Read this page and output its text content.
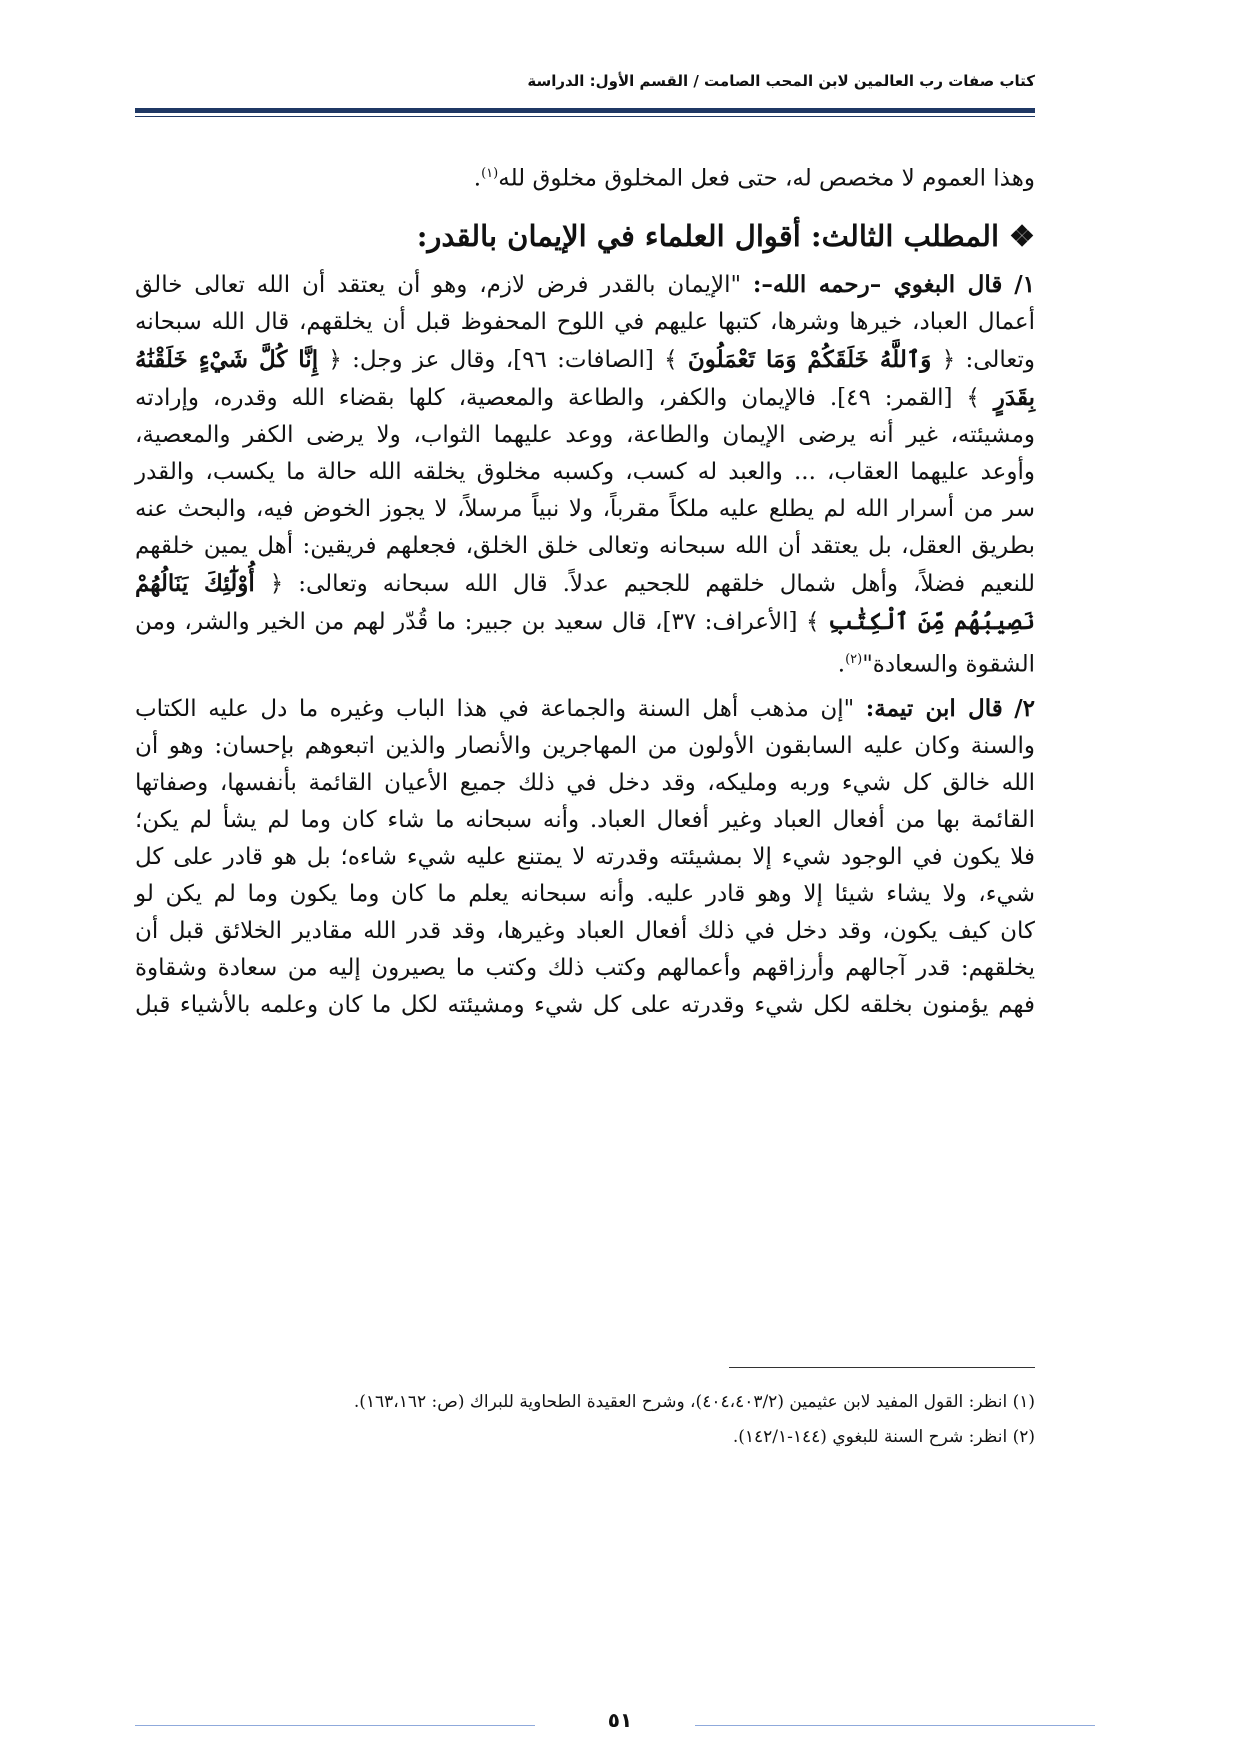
كتاب صفات رب العالمين لابن المحب الصامت / القسم الأول: الدراسة

وهذا العموم لا مخصص له، حتى فعل المخلوق مخلوق لله$^{(١)}$.

❖المطلب الثالث: أقوال العلماء في الإيمان بالقدر:

١/ قال البغوي –رحمه الله–: "الإيمان بالقدر فرض لازم، وهو أن يعتقد أن الله تعالى خالق

أعمال العباد، خيرها وشرها، كتبها عليهم في اللوح المحفوظ قبل أن يخلقهم، قال الله سبحانه

وتعالى: ﴿ وَٱللَّهُ خَلَقَكُمْ وَمَا تَعْمَلُونَ ﴾ [الصافات: ٩٦]، وقال عز وجل: ﴿ إِنَّا كُلَّ شَيْءٍ خَلَقْنَٰهُ

بِقَدَرٍ ﴾ [القمر: ٤٩]. فالإيمان والكفر، والطاعة والمعصية، كلها بقضاء الله وقدره، وإرادته

ومشيئته، غير أنه يرضى الإيمان والطاعة، ووعد عليهما الثواب، ولا يرضى الكفر والمعصية،

وأوعد عليهما العقاب، ... والعبد له كسب، وكسبه مخلوق يخلقه الله حالة ما يكسب، والقدر

سر من أسرار الله لم يطلع عليه ملكاً مقرباً، ولا نبياً مرسلاً، لا يجوز الخوض فيه، والبحث عنه

بطريق العقل، بل يعتقد أن الله سبحانه وتعالى خلق الخلق، فجعلهم فريقين: أهل يمين خلقهم

للنعيم فضلاً، وأهل شمال خلقهم للجحيم عدلاً. قال الله سبحانه وتعالى: ﴿ أُوْلَٰٓئِكَ يَنَالُهُمْ

نَصِيبُهُم مِّنَ ٱلْكِتَٰبِ ﴾ [الأعراف: ٣٧]، قال سعيد بن جبير: ما قُدّر لهم من الخير والشر، ومن

الشقوة والسعادة"$^{(٢)}$.

٢/ قال ابن تيمة: "إن مذهب أهل السنة والجماعة في هذا الباب وغيره ما دل عليه الكتاب

والسنة وكان عليه السابقون الأولون من المهاجرين والأنصار والذين اتبعوهم بإحسان: وهو أن

الله خالق كل شيء وربه ومليكه، وقد دخل في ذلك جميع الأعيان القائمة بأنفسها، وصفاتها

القائمة بها من أفعال العباد وغير أفعال العباد. وأنه سبحانه ما شاء كان وما لم يشأ لم يكن؛

فلا يكون في الوجود شيء إلا بمشيئته وقدرته لا يمتنع عليه شيء شاءه؛ بل هو قادر على كل

شيء، ولا يشاء شيئا إلا وهو قادر عليه. وأنه سبحانه يعلم ما كان وما يكون وما لم يكن لو

كان كيف يكون، وقد دخل في ذلك أفعال العباد وغيرها، وقد قدر الله مقادير الخلائق قبل أن

يخلقهم: قدر آجالهم وأرزاقهم وأعمالهم وكتب ذلك وكتب ما يصيرون إليه من سعادة وشقاوة

فهم يؤمنون بخلقه لكل شيء وقدرته على كل شيء ومشيئته لكل ما كان وعلمه بالأشياء قبل

(١) انظر: القول المفيد لابن عثيمين (٤٠٤،٤٠٣/٢)، وشرح العقيدة الطحاوية للبراك (ص: ١٦٣،١٦٢).
(٢) انظر: شرح السنة للبغوي (١٤٤-١٤٢/١).
٥١
